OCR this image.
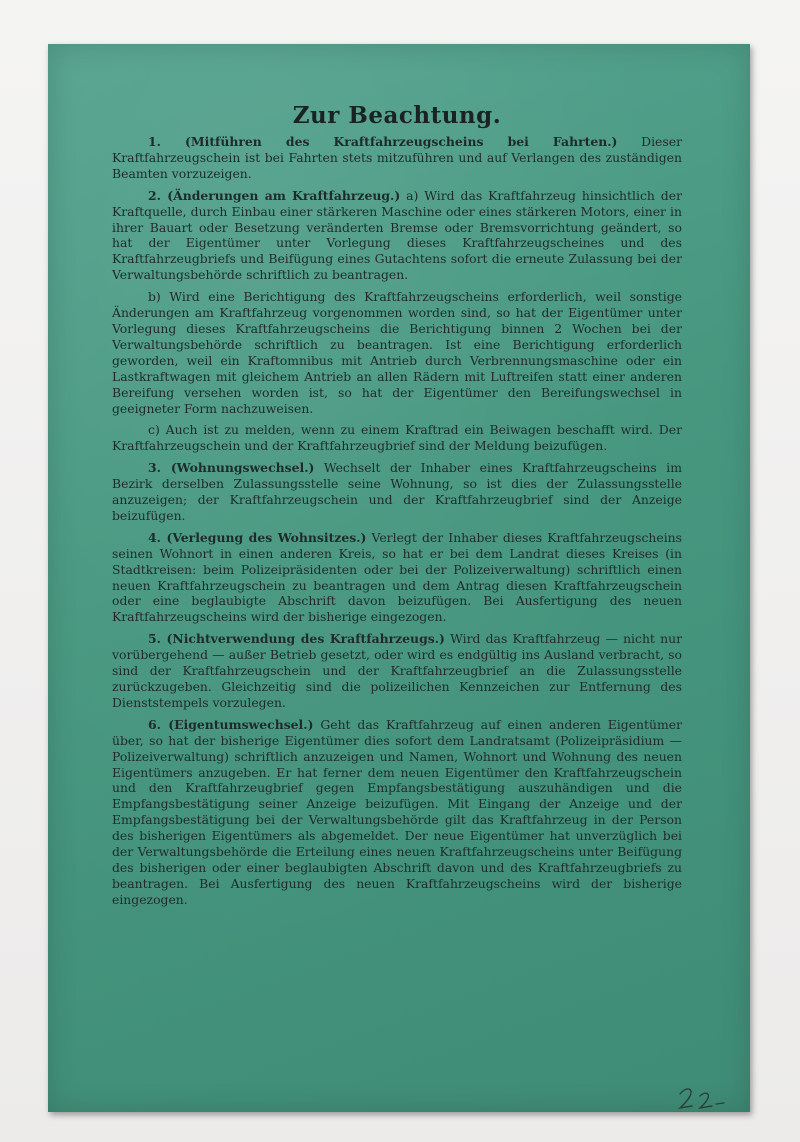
Zur Beachtung.

1. (Mitführen des Kraftfahrzeugscheins bei Fahrten.) Dieser Kraftfahrzeugschein ist bei Fahrten stets mitzuführen und auf Verlangen des zuständigen Beamten vorzuzeigen.

2. (Änderungen am Kraftfahrzeug.) a) Wird das Kraftfahrzeug hinsichtlich der Kraftquelle, durch Einbau einer stärkeren Maschine oder eines stärkeren Motors, einer in ihrer Bauart oder Besetzung veränderten Bremse oder Bremsvorrichtung geändert, so hat der Eigentümer unter Vorlegung dieses Kraftfahrzeugscheines und des Kraftfahrzeugbriefs und Beifügung eines Gutachtens sofort die erneute Zulassung bei der Verwaltungsbehörde schriftlich zu beantragen.

b) Wird eine Berichtigung des Kraftfahrzeugscheins erforderlich, weil sonstige Änderungen am Kraftfahrzeug vorgenommen worden sind, so hat der Eigentümer unter Vorlegung dieses Kraftfahrzeugscheins die Berichtigung binnen 2 Wochen bei der Verwaltungsbehörde schriftlich zu beantragen. Ist eine Berichtigung erforderlich geworden, weil ein Kraftomnibus mit Antrieb durch Verbrennungsmaschine oder ein Lastkraftwagen mit gleichem Antrieb an allen Rädern mit Luftreifen statt einer anderen Bereifung versehen worden ist, so hat der Eigentümer den Bereifungswechsel in geeigneter Form nachzuweisen.

c) Auch ist zu melden, wenn zu einem Kraftrad ein Beiwagen beschafft wird. Der Kraftfahrzeugschein und der Kraftfahrzeugbrief sind der Meldung beizufügen.

3. (Wohnungswechsel.) Wechselt der Inhaber eines Kraftfahrzeugscheins im Bezirk derselben Zulassungsstelle seine Wohnung, so ist dies der Zulassungsstelle anzuzeigen; der Kraftfahrzeugschein und der Kraftfahrzeugbrief sind der Anzeige beizufügen.

4. (Verlegung des Wohnsitzes.) Verlegt der Inhaber dieses Kraftfahrzeugscheins seinen Wohnort in einen anderen Kreis, so hat er bei dem Landrat dieses Kreises (in Stadtkreisen: beim Polizeipräsidenten oder bei der Polizeiverwaltung) schriftlich einen neuen Kraftfahrzeugschein zu beantragen und dem Antrag diesen Kraftfahrzeugschein oder eine beglaubigte Abschrift davon beizufügen. Bei Ausfertigung des neuen Kraftfahrzeugscheins wird der bisherige eingezogen.

5. (Nichtverwendung des Kraftfahrzeugs.) Wird das Kraftfahrzeug — nicht nur vorübergehend — außer Betrieb gesetzt, oder wird es endgültig ins Ausland verbracht, so sind der Kraftfahrzeugschein und der Kraftfahrzeugbrief an die Zulassungsstelle zurückzugeben. Gleichzeitig sind die polizeilichen Kennzeichen zur Entfernung des Dienststempels vorzulegen.

6. (Eigentumswechsel.) Geht das Kraftfahrzeug auf einen anderen Eigentümer über, so hat der bisherige Eigentümer dies sofort dem Landratsamt (Polizeipräsidium — Polizeiverwaltung) schriftlich anzuzeigen und Namen, Wohnort und Wohnung des neuen Eigentümers anzugeben. Er hat ferner dem neuen Eigentümer den Kraftfahrzeugschein und den Kraftfahrzeugbrief gegen Empfangsbestätigung auszuhändigen und die Empfangsbestätigung seiner Anzeige beizufügen. Mit Eingang der Anzeige und der Empfangsbestätigung bei der Verwaltungsbehörde gilt das Kraftfahrzeug in der Person des bisherigen Eigentümers als abgemeldet. Der neue Eigentümer hat unverzüglich bei der Verwaltungsbehörde die Erteilung eines neuen Kraftfahrzeugscheins unter Beifügung des bisherigen oder einer beglaubigten Abschrift davon und des Kraftfahrzeugbriefs zu beantragen. Bei Ausfertigung des neuen Kraftfahrzeugscheins wird der bisherige eingezogen.
